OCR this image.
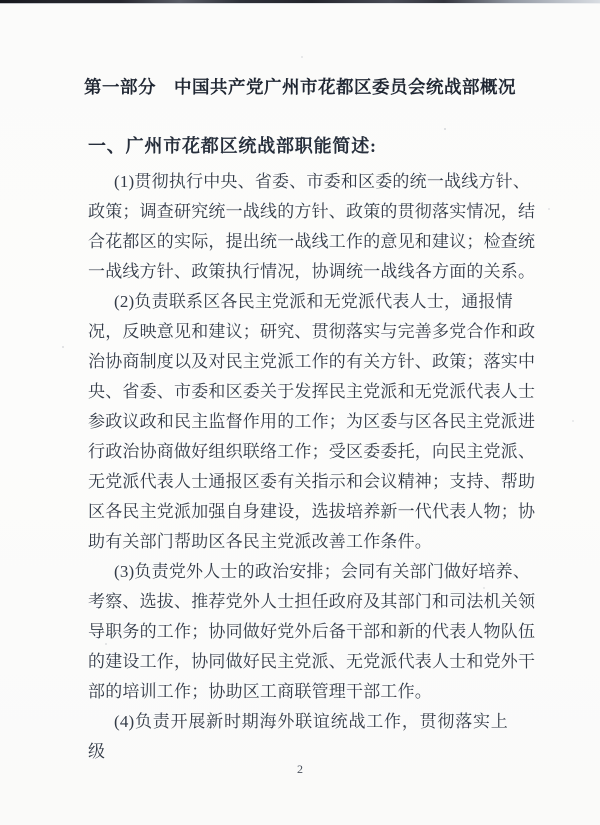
第一部分　中国共产党广州市花都区委员会统战部概况
一、广州市花都区统战部职能简述:
(1)贯彻执行中央、省委、市委和区委的统一战线方针、
政策；调查研究统一战线的方针、政策的贯彻落实情况，结
合花都区的实际，提出统一战线工作的意见和建议；检查统
一战线方针、政策执行情况，协调统一战线各方面的关系。
(2)负责联系区各民主党派和无党派代表人士，通报情
况，反映意见和建议；研究、贯彻落实与完善多党合作和政
治协商制度以及对民主党派工作的有关方针、政策；落实中
央、省委、市委和区委关于发挥民主党派和无党派代表人士
参政议政和民主监督作用的工作；为区委与区各民主党派进
行政治协商做好组织联络工作；受区委委托，向民主党派、
无党派代表人士通报区委有关指示和会议精神；支持、帮助
区各民主党派加强自身建设，选拔培养新一代代表人物；协
助有关部门帮助区各民主党派改善工作条件。
(3)负责党外人士的政治安排；会同有关部门做好培养、
考察、选拔、推荐党外人士担任政府及其部门和司法机关领
导职务的工作；协同做好党外后备干部和新的代表人物队伍
的建设工作，协同做好民主党派、无党派代表人士和党外干
部的培训工作；协助区工商联管理干部工作。
(4)负责开展新时期海外联谊统战工作，贯彻落实上级
2
